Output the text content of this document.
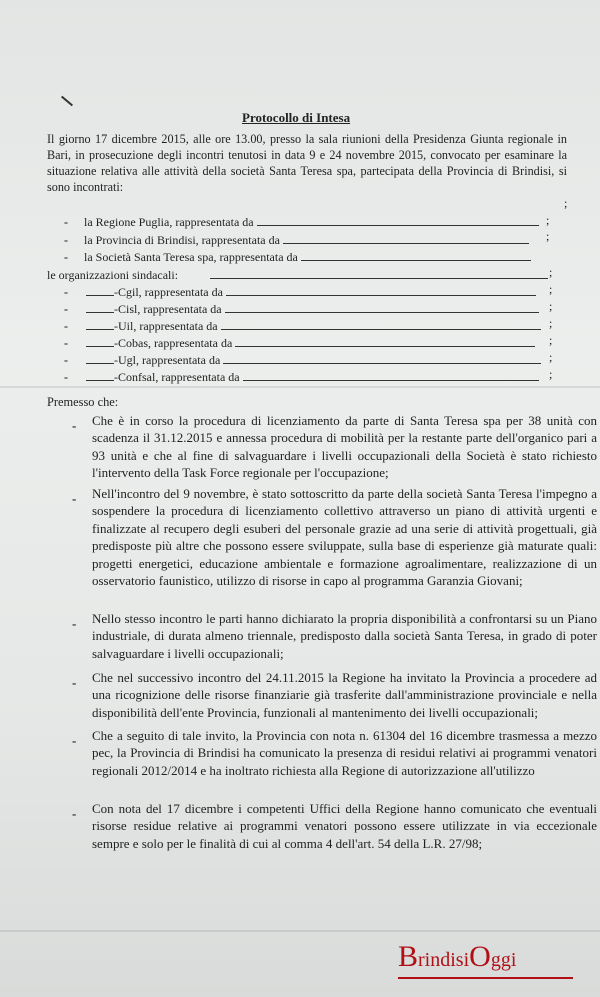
Protocollo di Intesa
Il giorno 17 dicembre 2015, alle ore 13.00, presso la sala riunioni della Presidenza Giunta regionale in Bari, in prosecuzione degli incontri tenutosi in data 9 e 24 novembre 2015, convocato per esaminare la situazione relativa alle attività della società Santa Teresa spa, partecipata della Provincia di Brindisi, si sono incontrati:
- la Regione Puglia, rappresentata da
;
;
- la Provincia di Brindisi, rappresentata da	;
- la Società Santa Teresa spa, rappresentata da
le organizzazioni sindacali:	;
-	-Cgil, rappresentata da	;
-	-Cisl, rappresentata da	;
-	-Uil, rappresentata da	;
-	-Cobas, rappresentata da	;
-	-Ugl, rappresentata da	;
-	-Confsal, rappresentata da	;
Premesso che:
- Che è in corso la procedura di licenziamento da parte di Santa Teresa spa per 38 unità con scadenza il 31.12.2015 e annessa procedura di mobilità per la restante parte dell'organico pari a 93 unità e che al fine di salvaguardare i livelli occupazionali della Società è stato richiesto l'intervento della Task Force regionale per l'occupazione;
- Nell'incontro del 9 novembre, è stato sottoscritto da parte della società Santa Teresa l'impegno a sospendere la procedura di licenziamento collettivo attraverso un piano di attività urgenti e finalizzate al recupero degli esuberi del personale grazie ad una serie di attività progettuali, già predisposte più altre che possono essere sviluppate, sulla base di esperienze già maturate quali: progetti energetici, educazione ambientale e formazione agroalimentare, realizzazione di un osservatorio faunistico, utilizzo di risorse in capo al programma Garanzia Giovani;
- Nello stesso incontro le parti hanno dichiarato la propria disponibilità a confrontarsi su un Piano industriale, di durata almeno triennale, predisposto dalla società Santa Teresa, in grado di poter salvaguardare i livelli occupazionali;
- Che nel successivo incontro del 24.11.2015 la Regione ha invitato la Provincia a procedere ad una ricognizione delle risorse finanziarie già trasferite dall'amministrazione provinciale e nella disponibilità dell'ente Provincia, funzionali al mantenimento dei livelli occupazionali;
- Che a seguito di tale invito, la Provincia con nota n. 61304 del 16 dicembre trasmessa a mezzo pec, la Provincia di Brindisi ha comunicato la presenza di residui relativi ai programmi venatori regionali 2012/2014 e ha inoltrato richiesta alla Regione di autorizzazione all'utilizzo
- Con nota del 17 dicembre i competenti Uffici della Regione hanno comunicato che eventuali risorse residue relative ai programmi venatori possono essere utilizzate in via eccezionale sempre e solo per le finalità di cui al comma 4 dell'art. 54 della L.R. 27/98;
BrindisiOggi
